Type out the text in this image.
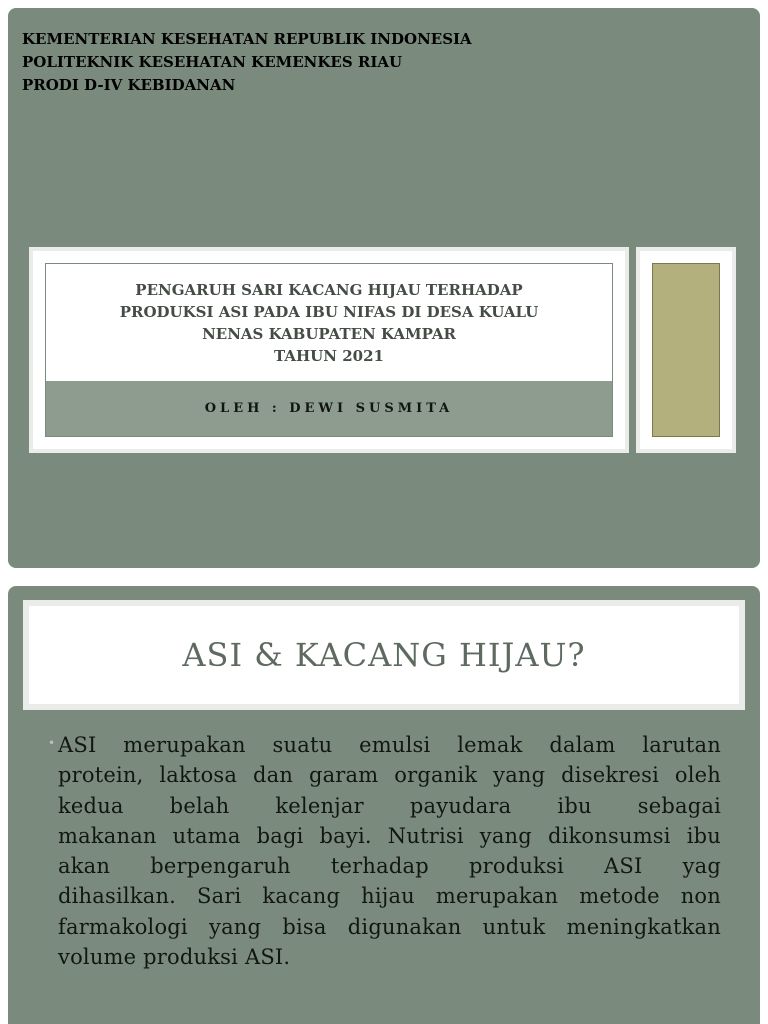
KEMENTERIAN KESEHATAN REPUBLIK INDONESIA
POLITEKNIK KESEHATAN KEMENKES RIAU
PRODI D-IV KEBIDANAN
PENGARUH SARI KACANG HIJAU TERHADAP
PRODUKSI ASI PADA IBU NIFAS DI DESA KUALU
NENAS KABUPATEN KAMPAR
TAHUN 2021
OLEH : DEWI SUSMITA
ASI & KACANG HIJAU?
• ASI merupakan suatu emulsi lemak dalam larutan
protein, laktosa dan garam organik yang disekresi oleh
kedua belah kelenjar payudara ibu sebagai
makanan utama bagi bayi. Nutrisi yang dikonsumsi ibu
akan berpengaruh terhadap produksi ASI yag
dihasilkan. Sari kacang hijau merupakan metode non
farmakologi yang bisa digunakan untuk meningkatkan
volume produksi ASI.
